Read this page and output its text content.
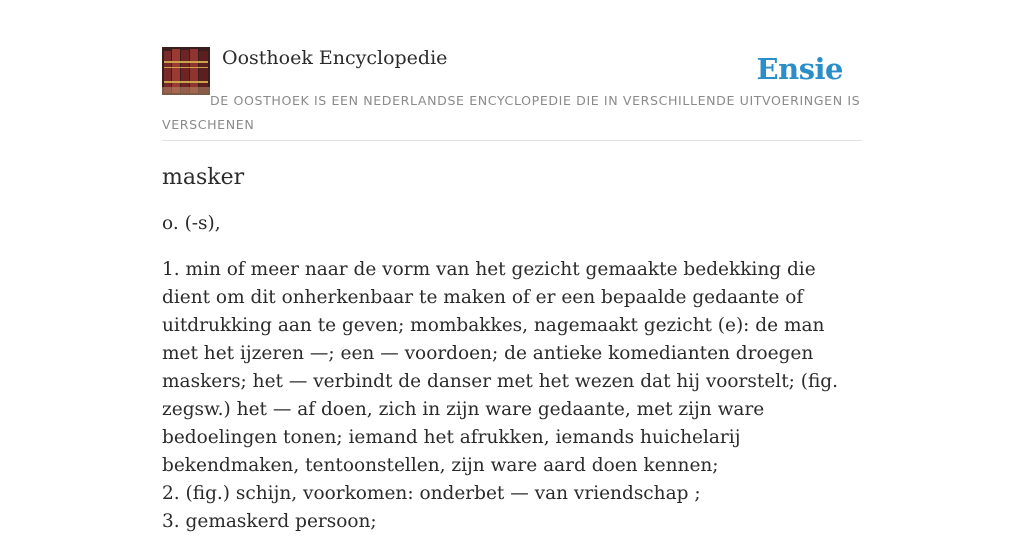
Oosthoek Encyclopedie	Ensie
DE OOSTHOEK IS EEN NEDERLANDSE ENCYCLOPEDIE DIE IN VERSCHILLENDE UITVOERINGEN IS VERSCHENEN
masker

o. (-s),

1. min of meer naar de vorm van het gezicht gemaakte bedekking die dient om dit onherkenbaar te maken of er een bepaalde gedaante of uitdrukking aan te geven; mombakkes, nagemaakt gezicht (e): de man met het ijzeren —; een — voordoen; de antieke komedianten droegen maskers; het — verbindt de danser met het wezen dat hij voorstelt; (fig. zegsw.) het — af doen, zich in zijn ware gedaante, met zijn ware bedoelingen tonen; iemand het afrukken, iemands huichelarij bekendmaken, tentoonstellen, zijn ware aard doen kennen;
2. (fig.) schijn, voorkomen: onderbet — van vriendschap ;
3. gemaskerd persoon;
